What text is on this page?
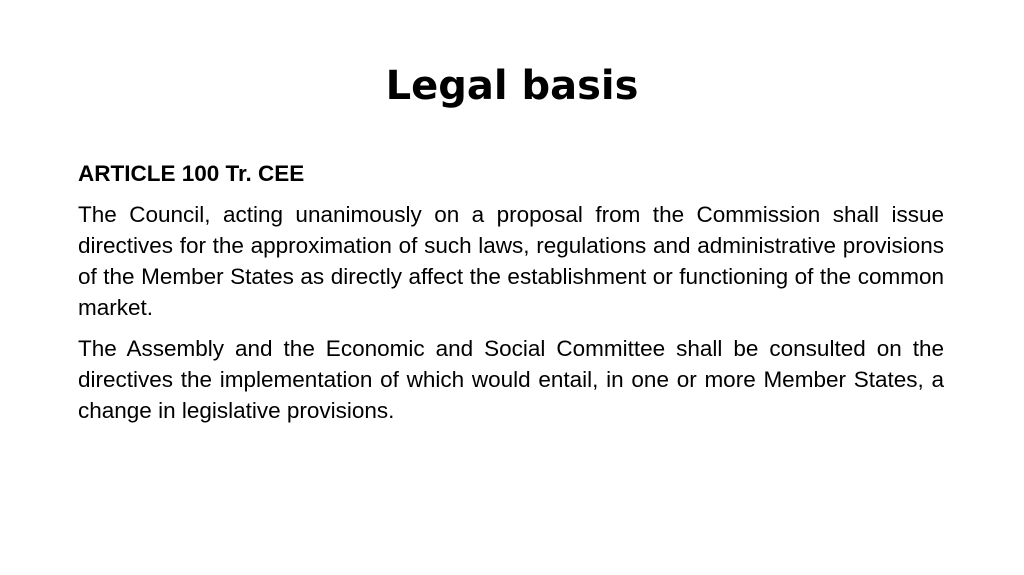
Legal basis

ARTICLE 100 Tr. CEE

The Council, acting unanimously on a proposal from the Commission shall issue directives for the approximation of such laws, regulations and administrative provisions of the Member States as directly affect the establishment or functioning of the common market.

The Assembly and the Economic and Social Committee shall be consulted on the directives the implementation of which would entail, in one or more Member States, a change in legislative provisions.
